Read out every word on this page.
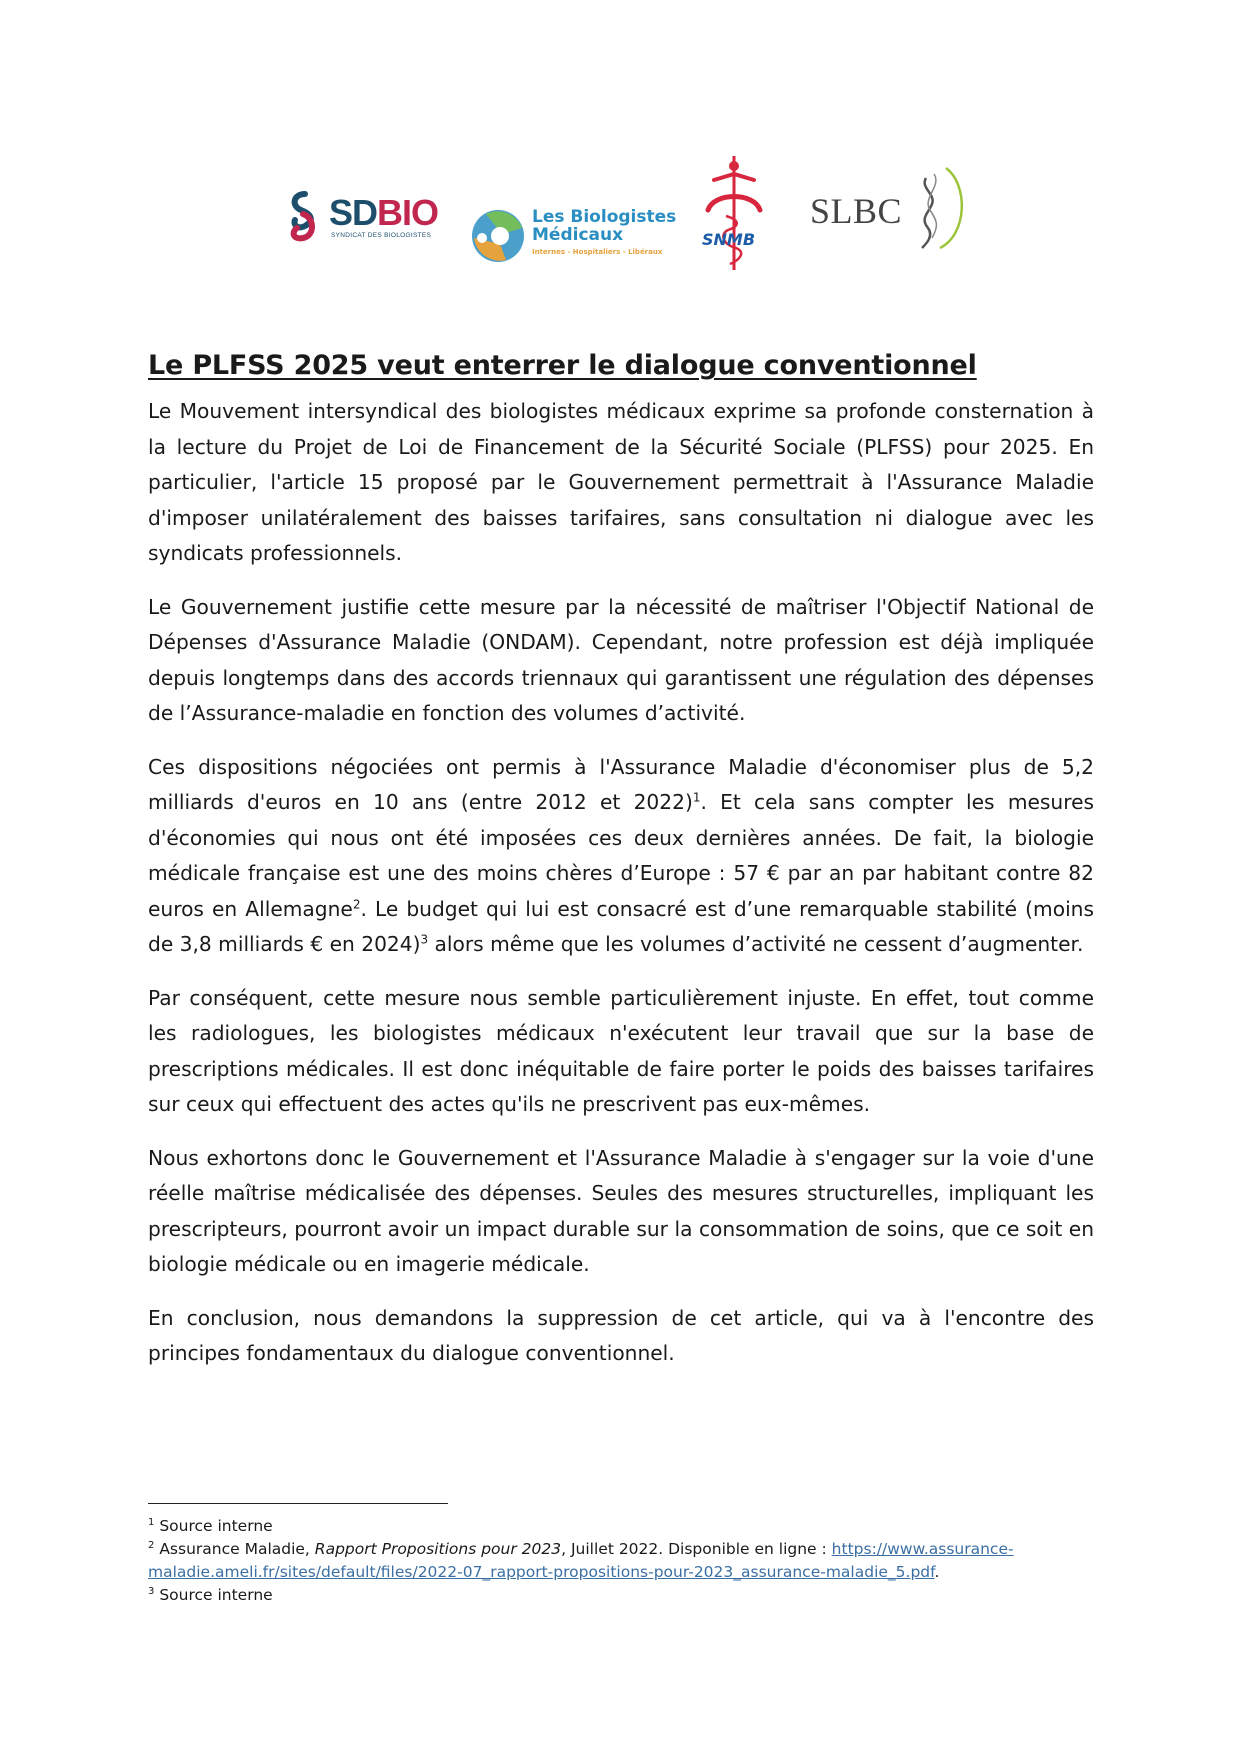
SDBIO
SYNDICAT DES BIOLOGISTES
Les Biologistes
Médicaux
Internes - Hospitaliers - Libéraux
SNMB
SLBC
Le PLFSS 2025 veut enterrer le dialogue conventionnel

Le Mouvement intersyndical des biologistes médicaux exprime sa profonde consternation à la lecture du Projet de Loi de Financement de la Sécurité Sociale (PLFSS) pour 2025. En particulier, l'article 15 proposé par le Gouvernement permettrait à l'Assurance Maladie d'imposer unilatéralement des baisses tarifaires, sans consultation ni dialogue avec les syndicats professionnels.

Le Gouvernement justifie cette mesure par la nécessité de maîtriser l'Objectif National de Dépenses d'Assurance Maladie (ONDAM). Cependant, notre profession est déjà impliquée depuis longtemps dans des accords triennaux qui garantissent une régulation des dépenses de l’Assurance-maladie en fonction des volumes d’activité.

Ces dispositions négociées ont permis à l'Assurance Maladie d'économiser plus de 5,2 milliards d'euros en 10 ans (entre 2012 et 2022)$^1$. Et cela sans compter les mesures d'économies qui nous ont été imposées ces deux dernières années. De fait, la biologie médicale française est une des moins chères d’Europe : 57 € par an par habitant contre 82 euros en Allemagne$^2$. Le budget qui lui est consacré est d’une remarquable stabilité (moins de 3,8 milliards € en 2024)$^3$ alors même que les volumes d’activité ne cessent d’augmenter.

Par conséquent, cette mesure nous semble particulièrement injuste. En effet, tout comme les radiologues, les biologistes médicaux n'exécutent leur travail que sur la base de prescriptions médicales. Il est donc inéquitable de faire porter le poids des baisses tarifaires sur ceux qui effectuent des actes qu'ils ne prescrivent pas eux-mêmes.

Nous exhortons donc le Gouvernement et l'Assurance Maladie à s'engager sur la voie d'une réelle maîtrise médicalisée des dépenses. Seules des mesures structurelles, impliquant les prescripteurs, pourront avoir un impact durable sur la consommation de soins, que ce soit en biologie médicale ou en imagerie médicale.

En conclusion, nous demandons la suppression de cet article, qui va à l'encontre des principes fondamentaux du dialogue conventionnel.

$^1$ Source interne
$^2$ Assurance Maladie, Rapport Propositions pour 2023, Juillet 2022. Disponible en ligne : https://www.assurance-
maladie.ameli.fr/sites/default/files/2022-07_rapport-propositions-pour-2023_assurance-maladie_5.pdf.
$^3$ Source interne
